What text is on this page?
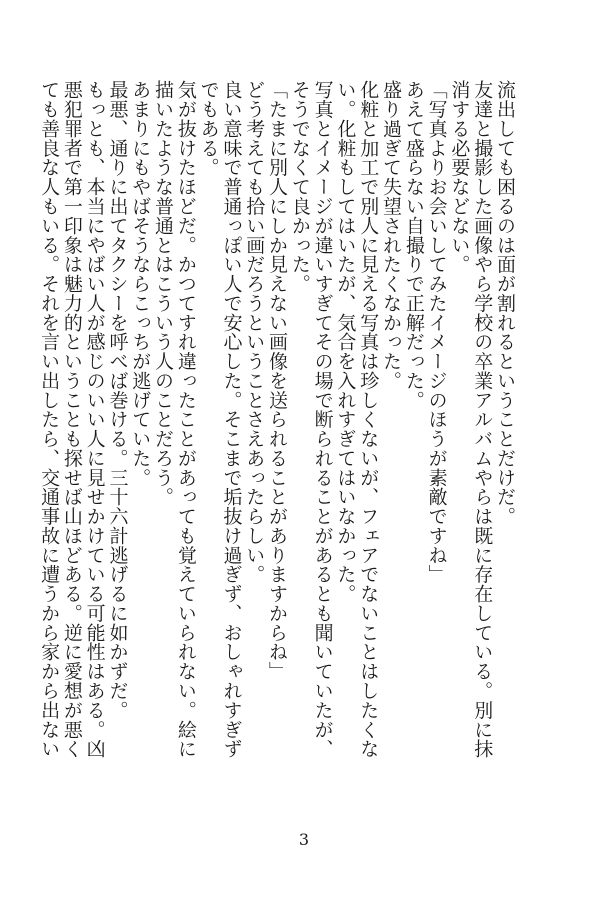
流出しても困るのは面が割れるということだけだ。
友達と撮影した画像やら学校の卒業アルバムやらは既に存在している。別に抹消する必要などない。
「写真よりお会いしてみたイメージのほうが素敵ですね」
あえて盛らない自撮りで正解だった。
盛り過ぎて失望されたくなかった。
化粧と加工で別人に見える写真は珍しくないが、フェアでないことはしたくない。化粧もしてはいたが、気合を入れすぎてはいなかった。
写真とイメージが違いすぎてその場で断られることがあるとも聞いていたが、そうでなくて良かった。
「たまに別人にしか見えない画像を送られることがありますからね」
どう考えても拾い画だろうということさえあったらしい。
良い意味で普通っぽい人で安心した。そこまで垢抜け過ぎず、おしゃれすぎずでもある。
気が抜けたほどだ。かつてすれ違ったことがあっても覚えていられない。絵に描いたような普通とはこういう人のことだろう。
あまりにもやばそうならこっちが逃げていた。
最悪、通りに出てタクシーを呼べば巻ける。三十六計逃げるに如かずだ。
もっとも、本当にやばい人が感じのいい人に見せかけている可能性はある。凶悪犯罪者で第一印象は魅力的ということも探せば山ほどある。逆に愛想が悪くても善良な人もいる。それを言い出したら、交通事故に遭うから家から出ない
3
